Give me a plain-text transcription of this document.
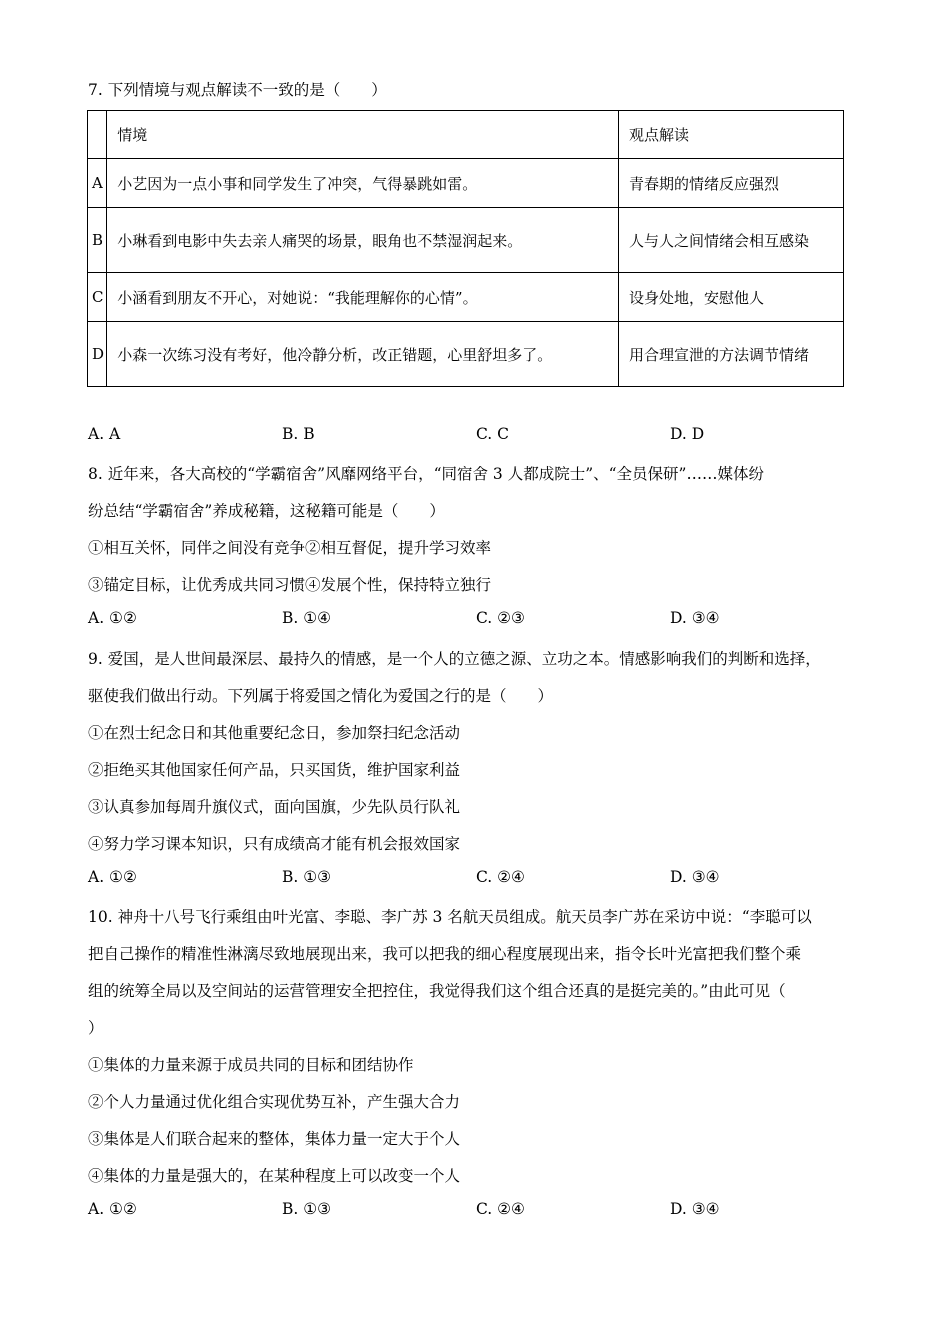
7. 下列情境与观点解读不一致的是（　　）
	情境	观点解读
A	小艺因为一点小事和同学发生了冲突，气得暴跳如雷。	青春期的情绪反应强烈
B	小琳看到电影中失去亲人痛哭的场景，眼角也不禁湿润起来。	人与人之间情绪会相互感染
C	小涵看到朋友不开心，对她说：“我能理解你的心情”。	设身处地，安慰他人
D	小森一次练习没有考好，他冷静分析，改正错题，心里舒坦多了。	用合理宣泄的方法调节情绪
A. A	B. B	C. C	D. D
8. 近年来，各大高校的“学霸宿舍”风靡网络平台，“同宿舍 3 人都成院士”、“全员保研”……媒体纷
纷总结“学霸宿舍”养成秘籍，这秘籍可能是（　　）
①相互关怀，同伴之间没有竞争②相互督促，提升学习效率
③锚定目标，让优秀成共同习惯④发展个性，保持特立独行
A. ①②	B. ①④	C. ②③	D. ③④
9. 爱国，是人世间最深层、最持久的情感，是一个人的立德之源、立功之本。情感影响我们的判断和选择，
驱使我们做出行动。下列属于将爱国之情化为爱国之行的是（　　）
①在烈士纪念日和其他重要纪念日，参加祭扫纪念活动
②拒绝买其他国家任何产品，只买国货，维护国家利益
③认真参加每周升旗仪式，面向国旗，少先队员行队礼
④努力学习课本知识，只有成绩高才能有机会报效国家
A. ①②	B. ①③	C. ②④	D. ③④
10. 神舟十八号飞行乘组由叶光富、李聪、李广苏 3 名航天员组成。航天员李广苏在采访中说：“李聪可以
把自己操作的精准性淋漓尽致地展现出来，我可以把我的细心程度展现出来，指令长叶光富把我们整个乘
组的统筹全局以及空间站的运营管理安全把控住，我觉得我们这个组合还真的是挺完美的。”由此可见（
）
①集体的力量来源于成员共同的目标和团结协作
②个人力量通过优化组合实现优势互补，产生强大合力
③集体是人们联合起来的整体，集体力量一定大于个人
④集体的力量是强大的，在某种程度上可以改变一个人
A. ①②	B. ①③	C. ②④	D. ③④
